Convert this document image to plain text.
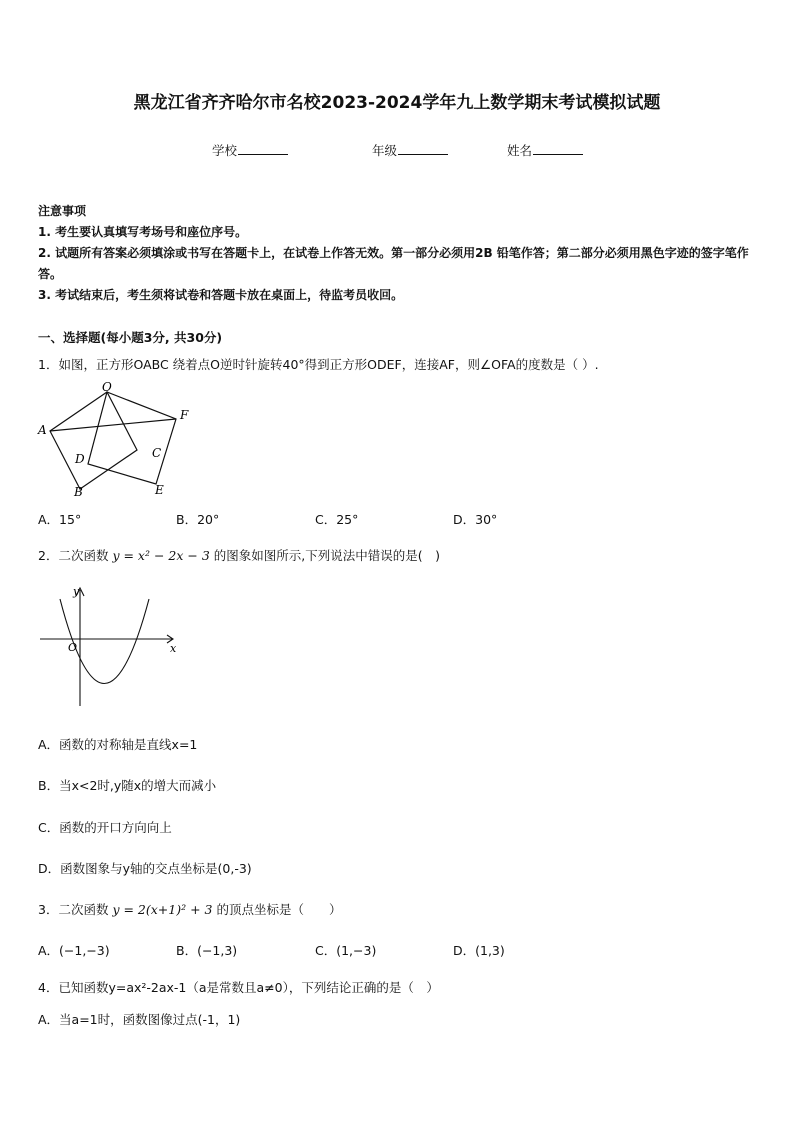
黑龙江省齐齐哈尔市名校2023-2024学年九上数学期末考试模拟试题
学校	年级	姓名
注意事项
1. 考生要认真填写考场号和座位序号。
2. 试题所有答案必须填涂或书写在答题卡上，在试卷上作答无效。第一部分必须用2B 铅笔作答；第二部分必须用黑色字迹的签字笔作答。
3. 考试结束后，考生须将试卷和答题卡放在桌面上，待监考员收回。
一、选择题(每小题3分, 共30分)
1．如图，正方形OABC 绕着点O逆时针旋转40°得到正方形ODEF，连接AF，则∠OFA的度数是（ ）.
O
A
F
D	C
B	E
A．15°	B．20°	C．25°	D．30°
2．二次函数 y = x² − 2x − 3 的图象如图所示,下列说法中错误的是(　)
y
x
O
A．函数的对称轴是直线x=1
B．当x<2时,y随x的增大而减小
C．函数的开口方向向上
D．函数图象与y轴的交点坐标是(0,-3)
3．二次函数 y = 2(x+1)² + 3 的顶点坐标是（　　）
A．(−1,−3)	B．(−1,3)	C．(1,−3)	D．(1,3)
4．已知函数y=ax²-2ax-1（a是常数且a≠0），下列结论正确的是（　）
A．当a=1时，函数图像过点(-1，1)
